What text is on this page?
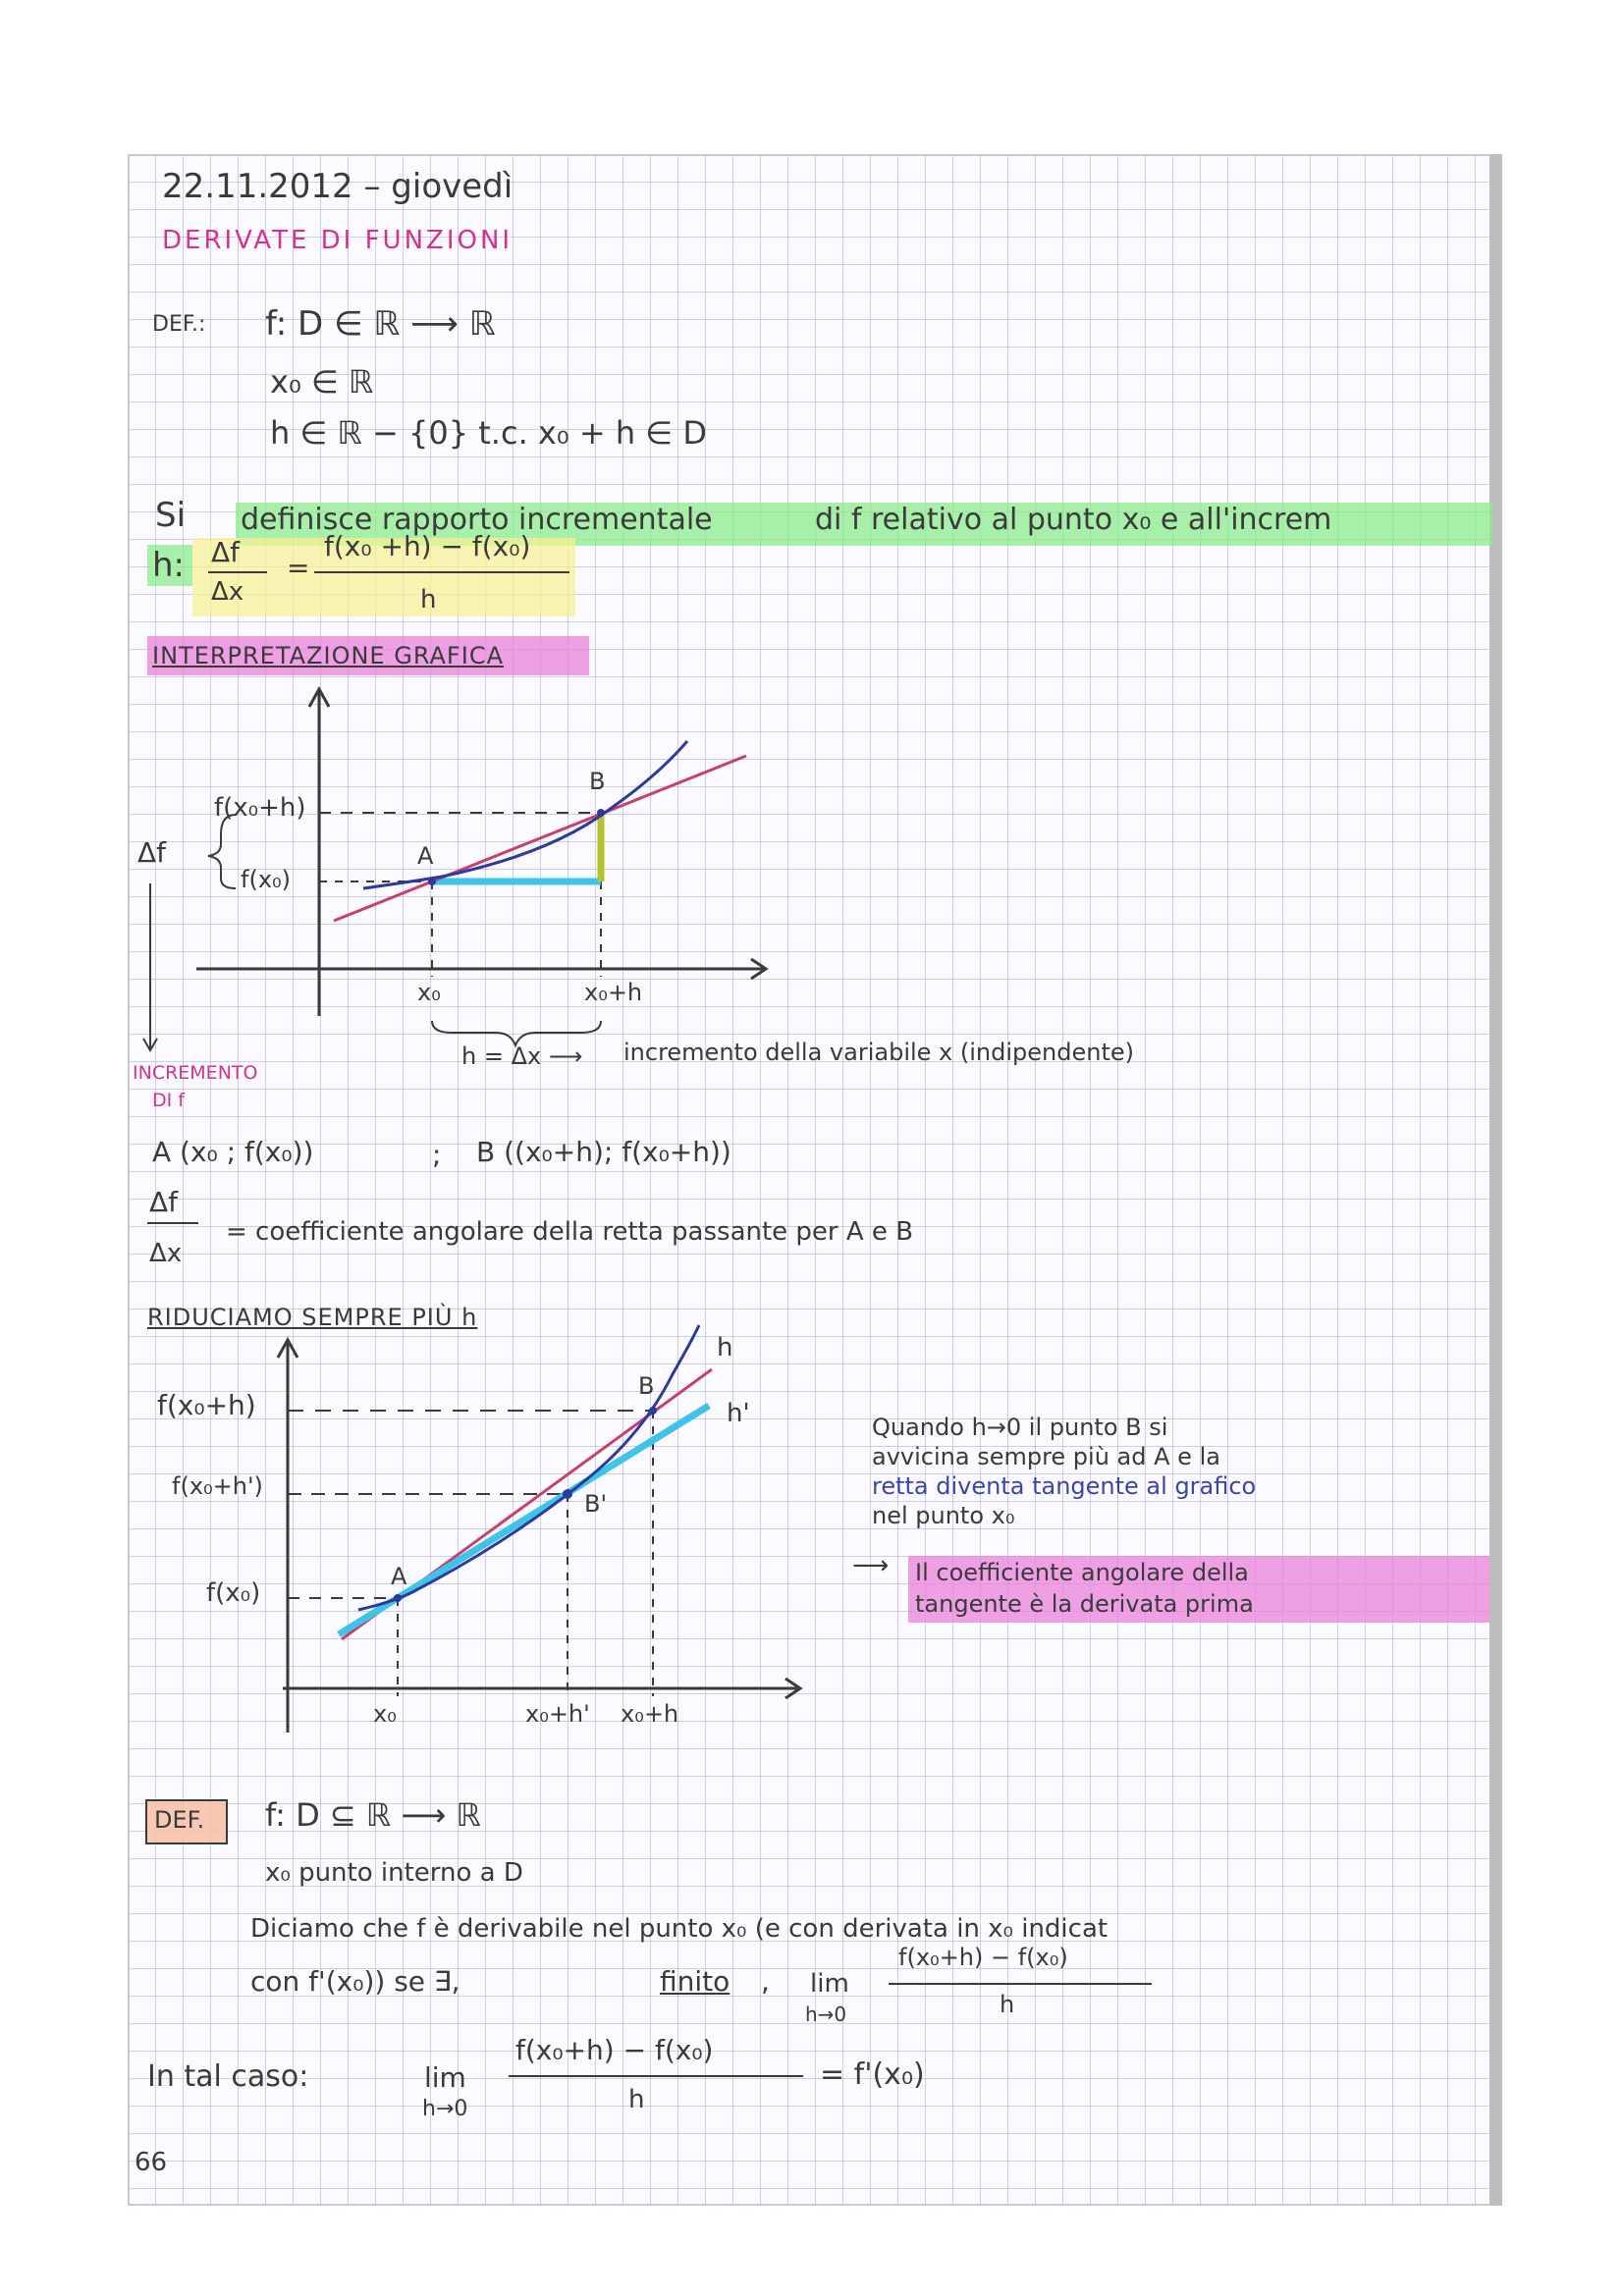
22.11.2012 – giovedì
DERIVATE DI FUNZIONI
DEF.: f: D ∈ ℝ ⟶ ℝ
x₀ ∈ ℝ
h ∈ ℝ − {0} t.c. x₀ + h ∈ D
Si definisce rapporto incrementale	di f relativo al punto x₀ e all'increm
h: Δf
Δx
=
f(x₀ +h) − f(x₀)
h
INTERPRETAZIONE GRAFICA
f(x₀+h)
f(x₀)
A
B
x₀	x₀+h
Δf
h = Δx ⟶ incremento della variabile x (indipendente)
INCREMENTO
DI f
A (x₀ ; f(x₀))	; B ((x₀+h); f(x₀+h))
Δf
Δx
= coefficiente angolare della retta passante per A e B
RIDUCIAMO SEMPRE PIÙ h
f(x₀+h)
f(x₀+h')
f(x₀)
A
B
B'
h
h'
x₀	x₀+h' x₀+h
Quando h→0 il punto B si
avvicina sempre più ad A e la
retta diventa tangente al grafico
nel punto x₀
⟶ Il coefficiente angolare della
tangente è la derivata prima
DEF. f: D ⊆ ℝ ⟶ ℝ
x₀ punto interno a D
Diciamo che f è derivabile nel punto x₀ (e con derivata in x₀ indicat
con f'(x₀)) se ∃,	finito , lim
h→0
f(x₀+h) − f(x₀)
h
In tal caso:	lim
h→0
f(x₀+h) − f(x₀)
h
= f'(x₀)
66
